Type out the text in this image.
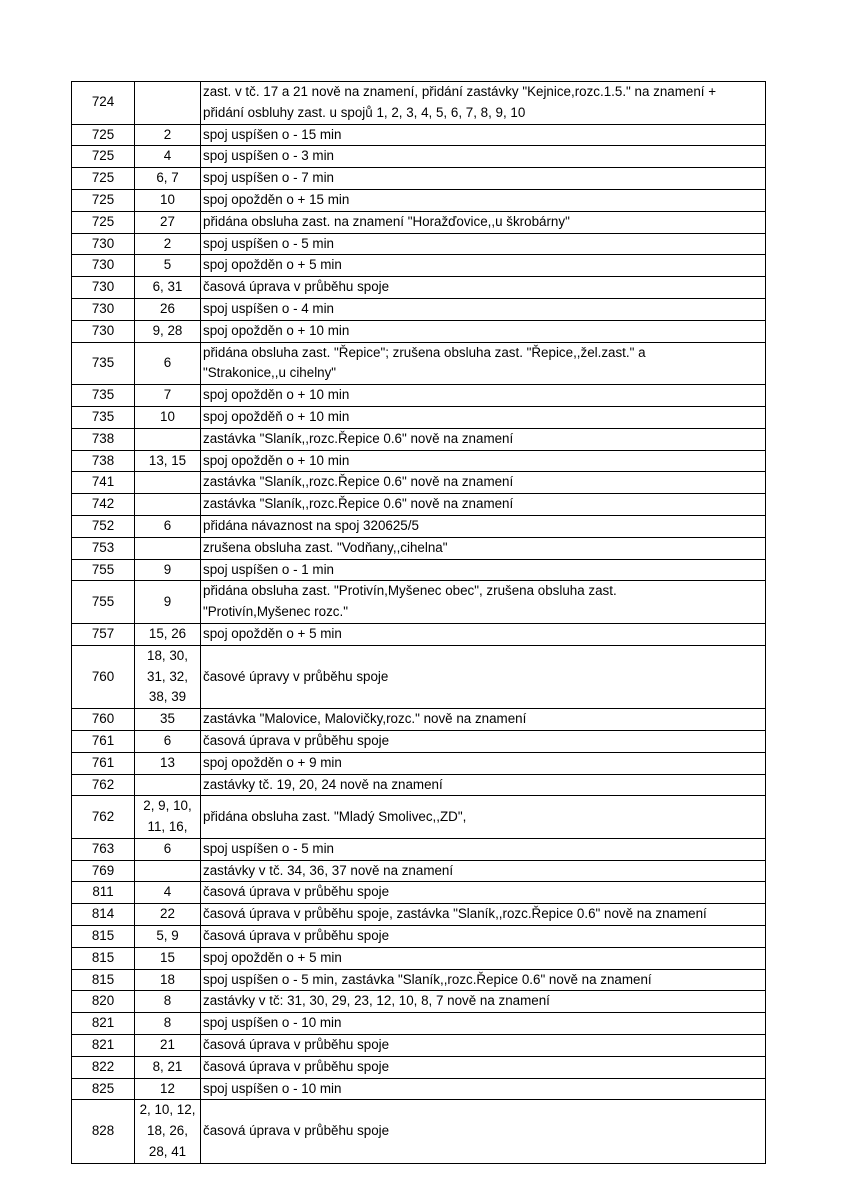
724		zast. v tč. 17 a 21 nově na znamení, přidání zastávky "Kejnice,rozc.1.5." na znamení +
přidání osbluhy zast. u spojů 1, 2, 3, 4, 5, 6, 7, 8, 9, 10

725	2	spoj uspíšen o - 15 min

725	4	spoj uspíšen o - 3 min

725	6, 7	spoj uspíšen o - 7 min

725	10	spoj opožděn o + 15 min

725	27	přidána obsluha zast. na znamení "Horažďovice,,u škrobárny"

730	2	spoj uspíšen o - 5 min

730	5	spoj opožděn o + 5 min

730	6, 31	časová úprava v průběhu spoje

730	26	spoj uspíšen o - 4 min

730	9, 28	spoj opožděn o + 10 min

735	6	přidána obsluha zast. "Řepice"; zrušena obsluha zast. "Řepice,,žel.zast." a
"Strakonice,,u cihelny"

735	7	spoj opožděn o + 10 min

735	10	spoj opožděň o + 10 min

738		zastávka "Slaník,,rozc.Řepice 0.6" nově na znamení

738	13, 15	spoj opožděn o + 10 min

741		zastávka "Slaník,,rozc.Řepice 0.6" nově na znamení

742		zastávka "Slaník,,rozc.Řepice 0.6" nově na znamení

752	6	přidána návaznost na spoj 320625/5

753		zrušena obsluha zast. "Vodňany,,cihelna"

755	9	spoj uspíšen o - 1 min

755	9	přidána obsluha zast. "Protivín,Myšenec obec", zrušena obsluha zast.
"Protivín,Myšenec rozc."

757	15, 26	spoj opožděn o + 5 min

760	18, 30,
31, 32,
38, 39	časové úpravy v průběhu spoje

760	35	zastávka "Malovice, Malovičky,rozc." nově na znamení

761	6	časová úprava v průběhu spoje

761	13	spoj opožděn o + 9 min

762		zastávky tč. 19, 20, 24 nově na znamení

762	2, 9, 10,
11, 16,	přidána obsluha zast. "Mladý Smolivec,,ZD",

763	6	spoj uspíšen o - 5 min

769		zastávky v tč. 34, 36, 37 nově na znamení

811	4	časová úprava v průběhu spoje

814	22	časová úprava v průběhu spoje, zastávka "Slaník,,rozc.Řepice 0.6" nově na znamení

815	5, 9	časová úprava v průběhu spoje

815	15	spoj opožděn o + 5 min

815	18	spoj uspíšen o - 5 min, zastávka "Slaník,,rozc.Řepice 0.6" nově na znamení

820	8	zastávky v tč: 31, 30, 29, 23, 12, 10, 8, 7 nově na znamení

821	8	spoj uspíšen o - 10 min

821	21	časová úprava v průběhu spoje

822	8, 21	časová úprava v průběhu spoje

825	12	spoj uspíšen o - 10 min

828	2, 10, 12,
18, 26,
28, 41	časová úprava v průběhu spoje
